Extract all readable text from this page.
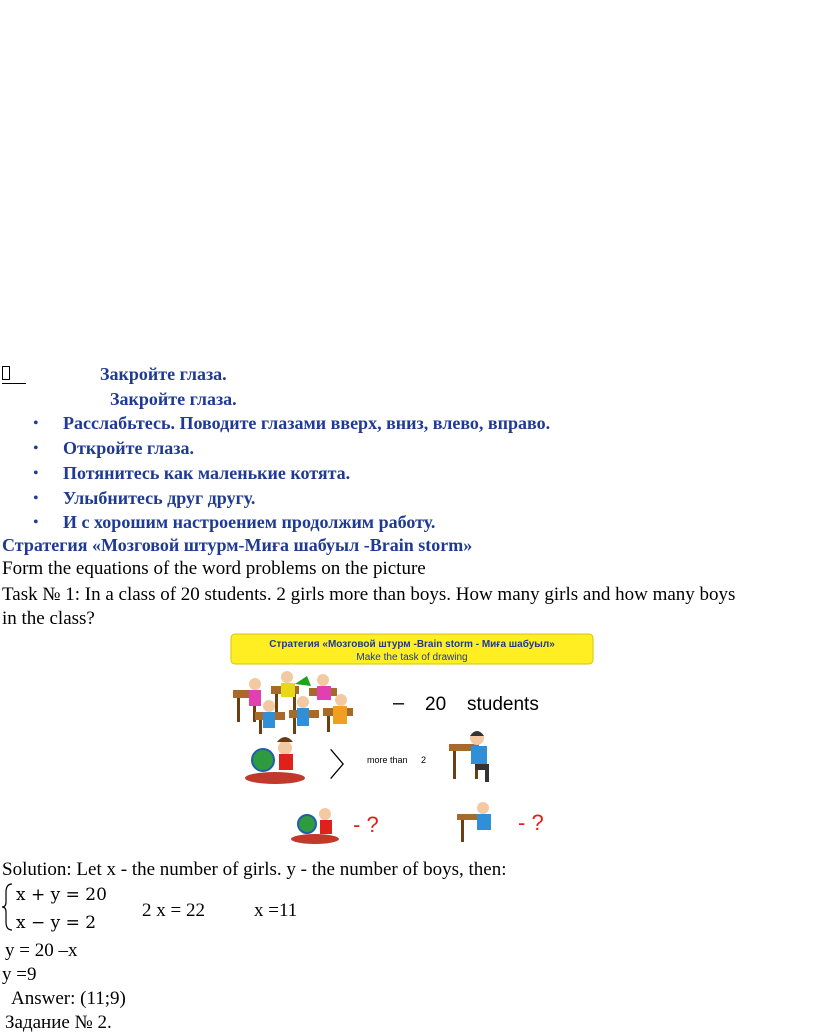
Закройте глаза.
Закройте глаза.
• Расслабьтесь. Поводите глазами вверх, вниз, влево, вправо.
• Откройте глаза.
• Потянитесь как маленькие котята.
• Улыбнитесь друг другу.
• И с хорошим настроением продолжим работу.
Стратегия «Мозговой штурм-Миға шабуыл -Brain storm»
Form the equations of the word problems on the picture
Task № 1: In a class of 20 students. 2 girls more than boys. How many girls and how many boys
in the class?
Стратегия «Мозговой штурм -Brain storm - Миға шабуыл»
Make the task of drawing
– 20 students
〉 more than 2
- ?	- ?
Solution: Let x - the number of girls. y - the number of boys, then:
x + y = 20
x − y = 2
2 x = 22	x =11
y = 20 –x
y =9
Answer: (11;9)
Задание № 2.
